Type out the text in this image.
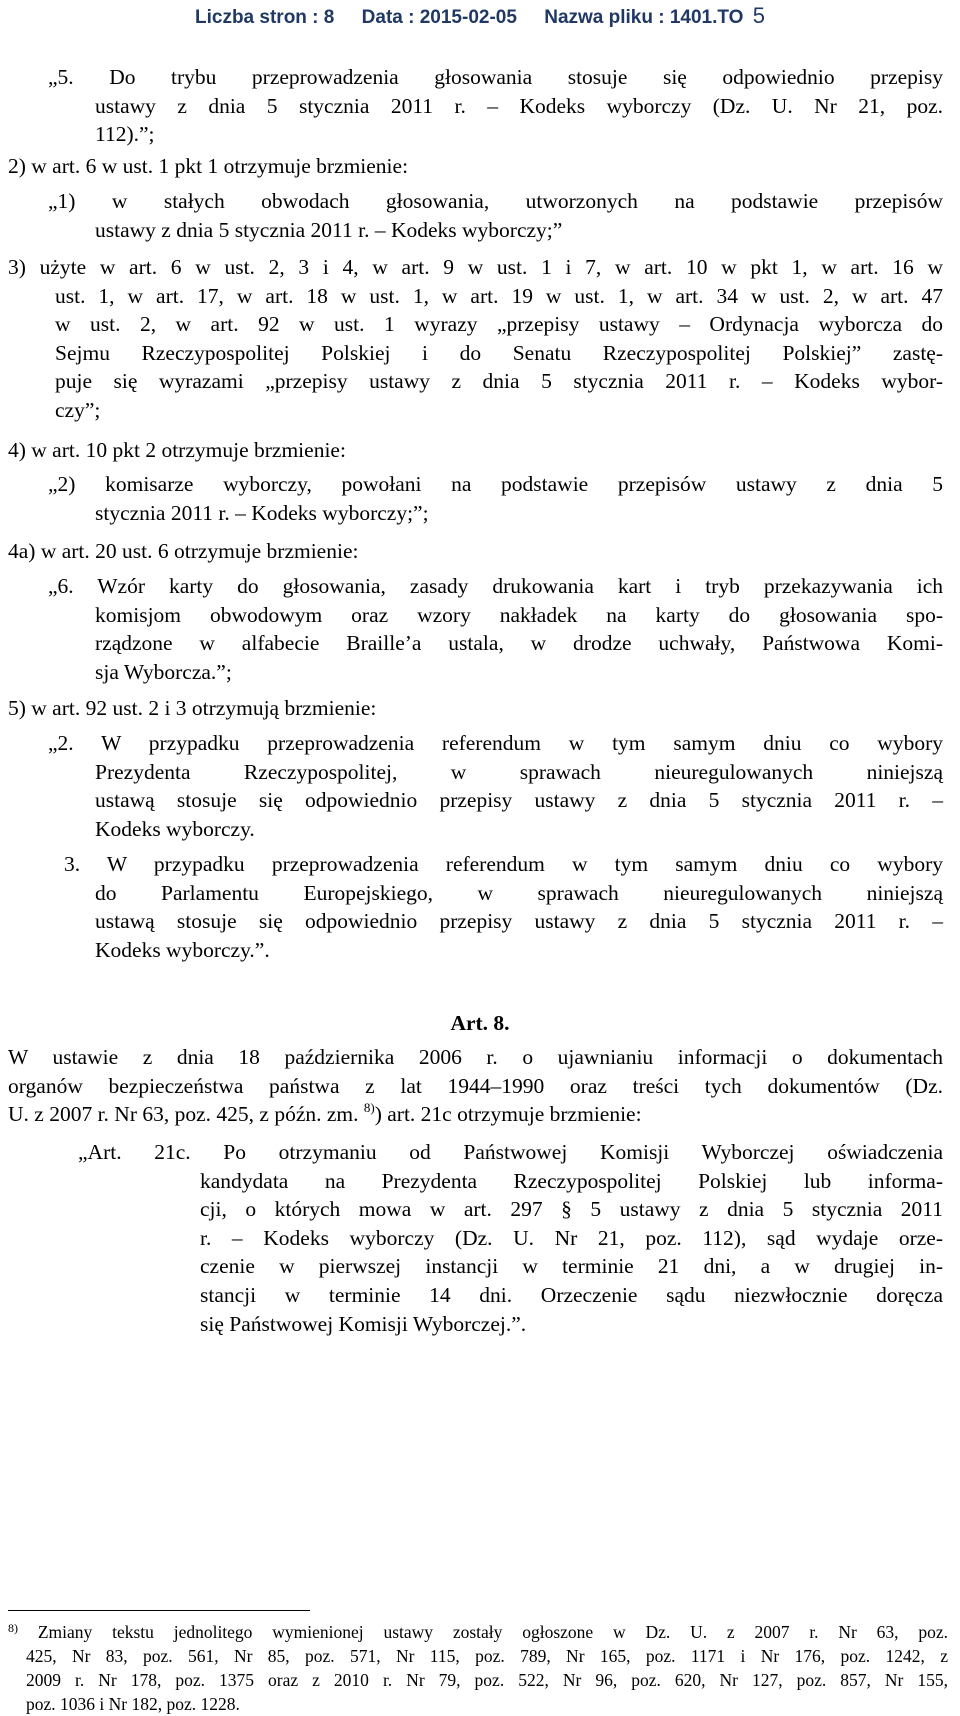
Liczba stron : 8 Data : 2015-02-05 Nazwa pliku : 1401.TO 5
„5. Do trybu przeprowadzenia głosowania stosuje się odpowiednio przepisy
ustawy z dnia 5 stycznia 2011 r. – Kodeks wyborczy (Dz. U. Nr 21, poz.
112).”;
2) w art. 6 w ust. 1 pkt 1 otrzymuje brzmienie:
„1) w stałych obwodach głosowania, utworzonych na podstawie przepisów
ustawy z dnia 5 stycznia 2011 r. – Kodeks wyborczy;”
3) użyte w art. 6 w ust. 2, 3 i 4, w art. 9 w ust. 1 i 7, w art. 10 w pkt 1, w art. 16 w
ust. 1, w art. 17, w art. 18 w ust. 1, w art. 19 w ust. 1, w art. 34 w ust. 2, w art. 47
w ust. 2, w art. 92 w ust. 1 wyrazy „przepisy ustawy – Ordynacja wyborcza do
Sejmu Rzeczypospolitej Polskiej i do Senatu Rzeczypospolitej Polskiej” zastę-
puje się wyrazami „przepisy ustawy z dnia 5 stycznia 2011 r. – Kodeks wybor-
czy”;
4) w art. 10 pkt 2 otrzymuje brzmienie:
„2) komisarze wyborczy, powołani na podstawie przepisów ustawy z dnia 5
stycznia 2011 r. – Kodeks wyborczy;”;
4a) w art. 20 ust. 6 otrzymuje brzmienie:
„6. Wzór karty do głosowania, zasady drukowania kart i tryb przekazywania ich
komisjom obwodowym oraz wzory nakładek na karty do głosowania spo-
rządzone w alfabecie Braille’a ustala, w drodze uchwały, Państwowa Komi-
sja Wyborcza.”;
5) w art. 92 ust. 2 i 3 otrzymują brzmienie:
„2. W przypadku przeprowadzenia referendum w tym samym dniu co wybory
Prezydenta Rzeczypospolitej, w sprawach nieuregulowanych niniejszą
ustawą stosuje się odpowiednio przepisy ustawy z dnia 5 stycznia 2011 r. –
Kodeks wyborczy.
3. W przypadku przeprowadzenia referendum w tym samym dniu co wybory
do Parlamentu Europejskiego, w sprawach nieuregulowanych niniejszą
ustawą stosuje się odpowiednio przepisy ustawy z dnia 5 stycznia 2011 r. –
Kodeks wyborczy.”.
Art. 8.
W ustawie z dnia 18 października 2006 r. o ujawnianiu informacji o dokumentach
organów bezpieczeństwa państwa z lat 1944–1990 oraz treści tych dokumentów (Dz.
U. z 2007 r. Nr 63, poz. 425, z późn. zm. $^{8)}$) art. 21c otrzymuje brzmienie:
„Art. 21c. Po otrzymaniu od Państwowej Komisji Wyborczej oświadczenia
kandydata na Prezydenta Rzeczypospolitej Polskiej lub informa-
cji, o których mowa w art. 297 § 5 ustawy z dnia 5 stycznia 2011
r. – Kodeks wyborczy (Dz. U. Nr 21, poz. 112), sąd wydaje orze-
czenie w pierwszej instancji w terminie 21 dni, a w drugiej in-
stancji w terminie 14 dni. Orzeczenie sądu niezwłocznie doręcza
się Państwowej Komisji Wyborczej.”.
$^{8)}$ Zmiany tekstu jednolitego wymienionej ustawy zostały ogłoszone w Dz. U. z 2007 r. Nr 63, poz.
425, Nr 83, poz. 561, Nr 85, poz. 571, Nr 115, poz. 789, Nr 165, poz. 1171 i Nr 176, poz. 1242, z
2009 r. Nr 178, poz. 1375 oraz z 2010 r. Nr 79, poz. 522, Nr 96, poz. 620, Nr 127, poz. 857, Nr 155,
poz. 1036 i Nr 182, poz. 1228.
